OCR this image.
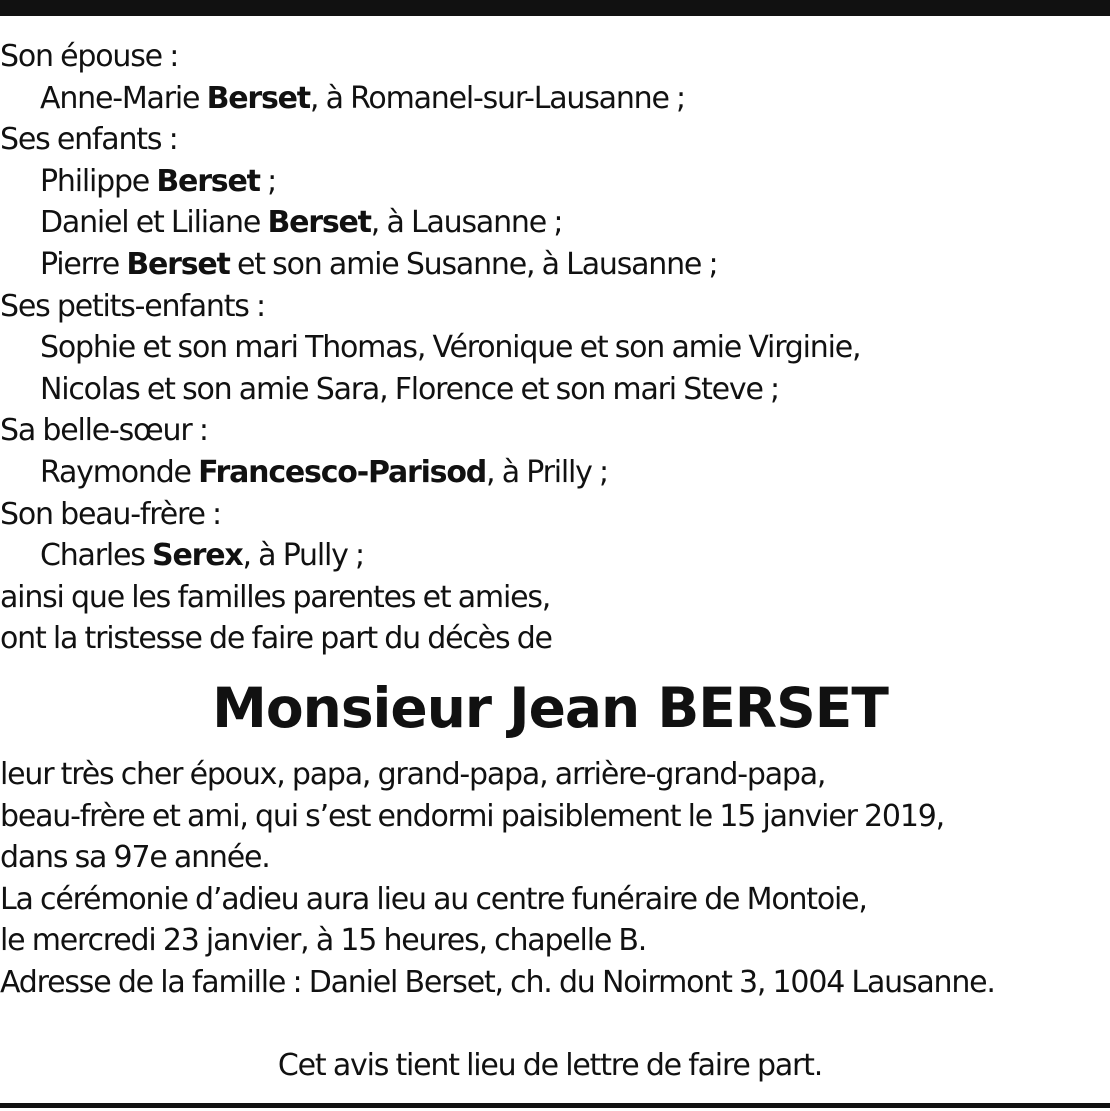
Son épouse :
Anne-Marie Berset, à Romanel-sur-Lausanne ;
Ses enfants :
Philippe Berset ;
Daniel et Liliane Berset, à Lausanne ;
Pierre Berset et son amie Susanne, à Lausanne ;
Ses petits-enfants :
Sophie et son mari Thomas, Véronique et son amie Virginie,
Nicolas et son amie Sara, Florence et son mari Steve ;
Sa belle-sœur :
Raymonde Francesco-Parisod, à Prilly ;
Son beau-frère :
Charles Serex, à Pully ;
ainsi que les familles parentes et amies,
ont la tristesse de faire part du décès de
Monsieur Jean BERSET
leur très cher époux, papa, grand-papa, arrière-grand-papa,
beau-frère et ami, qui s’est endormi paisiblement le 15 janvier 2019,
dans sa 97e année.
La cérémonie d’adieu aura lieu au centre funéraire de Montoie,
le mercredi 23 janvier, à 15 heures, chapelle B.
Adresse de la famille : Daniel Berset, ch. du Noirmont 3, 1004 Lausanne.
Cet avis tient lieu de lettre de faire part.
